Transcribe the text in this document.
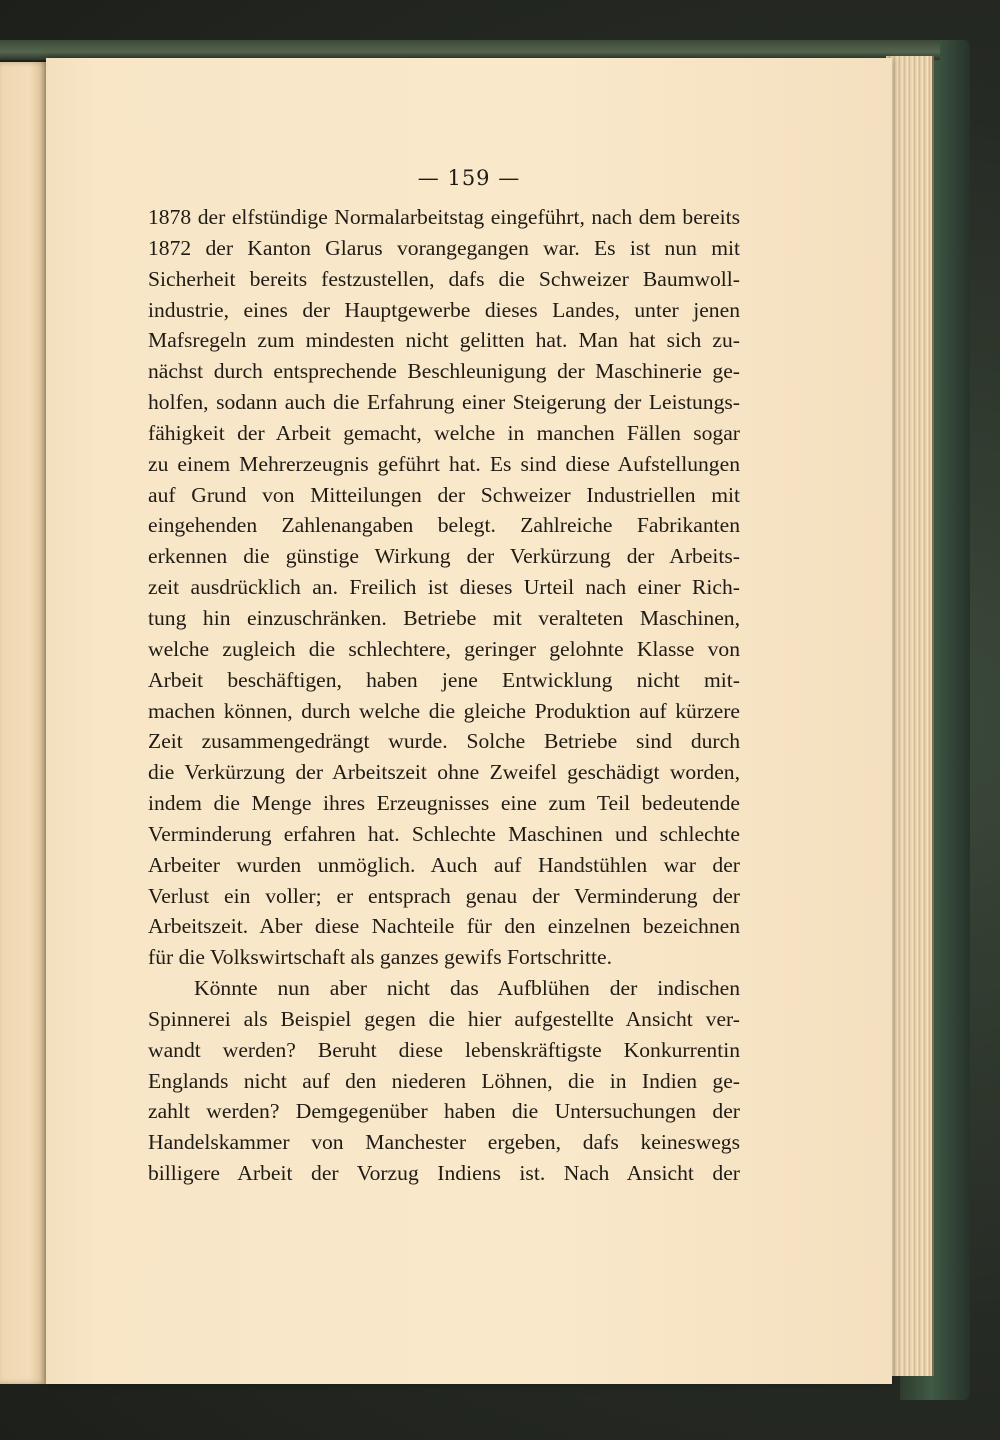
— 159 —
1878 der elfstündige Normalarbeitstag eingeführt, nach dem bereits
1872 der Kanton Glarus vorangegangen war. Es ist nun mit
Sicherheit bereits festzustellen, dafs die Schweizer Baumwoll-
industrie, eines der Hauptgewerbe dieses Landes, unter jenen
Mafsregeln zum mindesten nicht gelitten hat. Man hat sich zu-
nächst durch entsprechende Beschleunigung der Maschinerie ge-
holfen, sodann auch die Erfahrung einer Steigerung der Leistungs-
fähigkeit der Arbeit gemacht, welche in manchen Fällen sogar
zu einem Mehrerzeugnis geführt hat. Es sind diese Aufstellungen
auf Grund von Mitteilungen der Schweizer Industriellen mit
eingehenden Zahlenangaben belegt. Zahlreiche Fabrikanten
erkennen die günstige Wirkung der Verkürzung der Arbeits-
zeit ausdrücklich an. Freilich ist dieses Urteil nach einer Rich-
tung hin einzuschränken. Betriebe mit veralteten Maschinen,
welche zugleich die schlechtere, geringer gelohnte Klasse von
Arbeit beschäftigen, haben jene Entwicklung nicht mit-
machen können, durch welche die gleiche Produktion auf kürzere
Zeit zusammengedrängt wurde. Solche Betriebe sind durch
die Verkürzung der Arbeitszeit ohne Zweifel geschädigt worden,
indem die Menge ihres Erzeugnisses eine zum Teil bedeutende
Verminderung erfahren hat. Schlechte Maschinen und schlechte
Arbeiter wurden unmöglich. Auch auf Handstühlen war der
Verlust ein voller; er entsprach genau der Verminderung der
Arbeitszeit. Aber diese Nachteile für den einzelnen bezeichnen
für die Volkswirtschaft als ganzes gewifs Fortschritte.
Könnte nun aber nicht das Aufblühen der indischen
Spinnerei als Beispiel gegen die hier aufgestellte Ansicht ver-
wandt werden? Beruht diese lebenskräftigste Konkurrentin
Englands nicht auf den niederen Löhnen, die in Indien ge-
zahlt werden? Demgegenüber haben die Untersuchungen der
Handelskammer von Manchester ergeben, dafs keineswegs
billigere Arbeit der Vorzug Indiens ist. Nach Ansicht der
